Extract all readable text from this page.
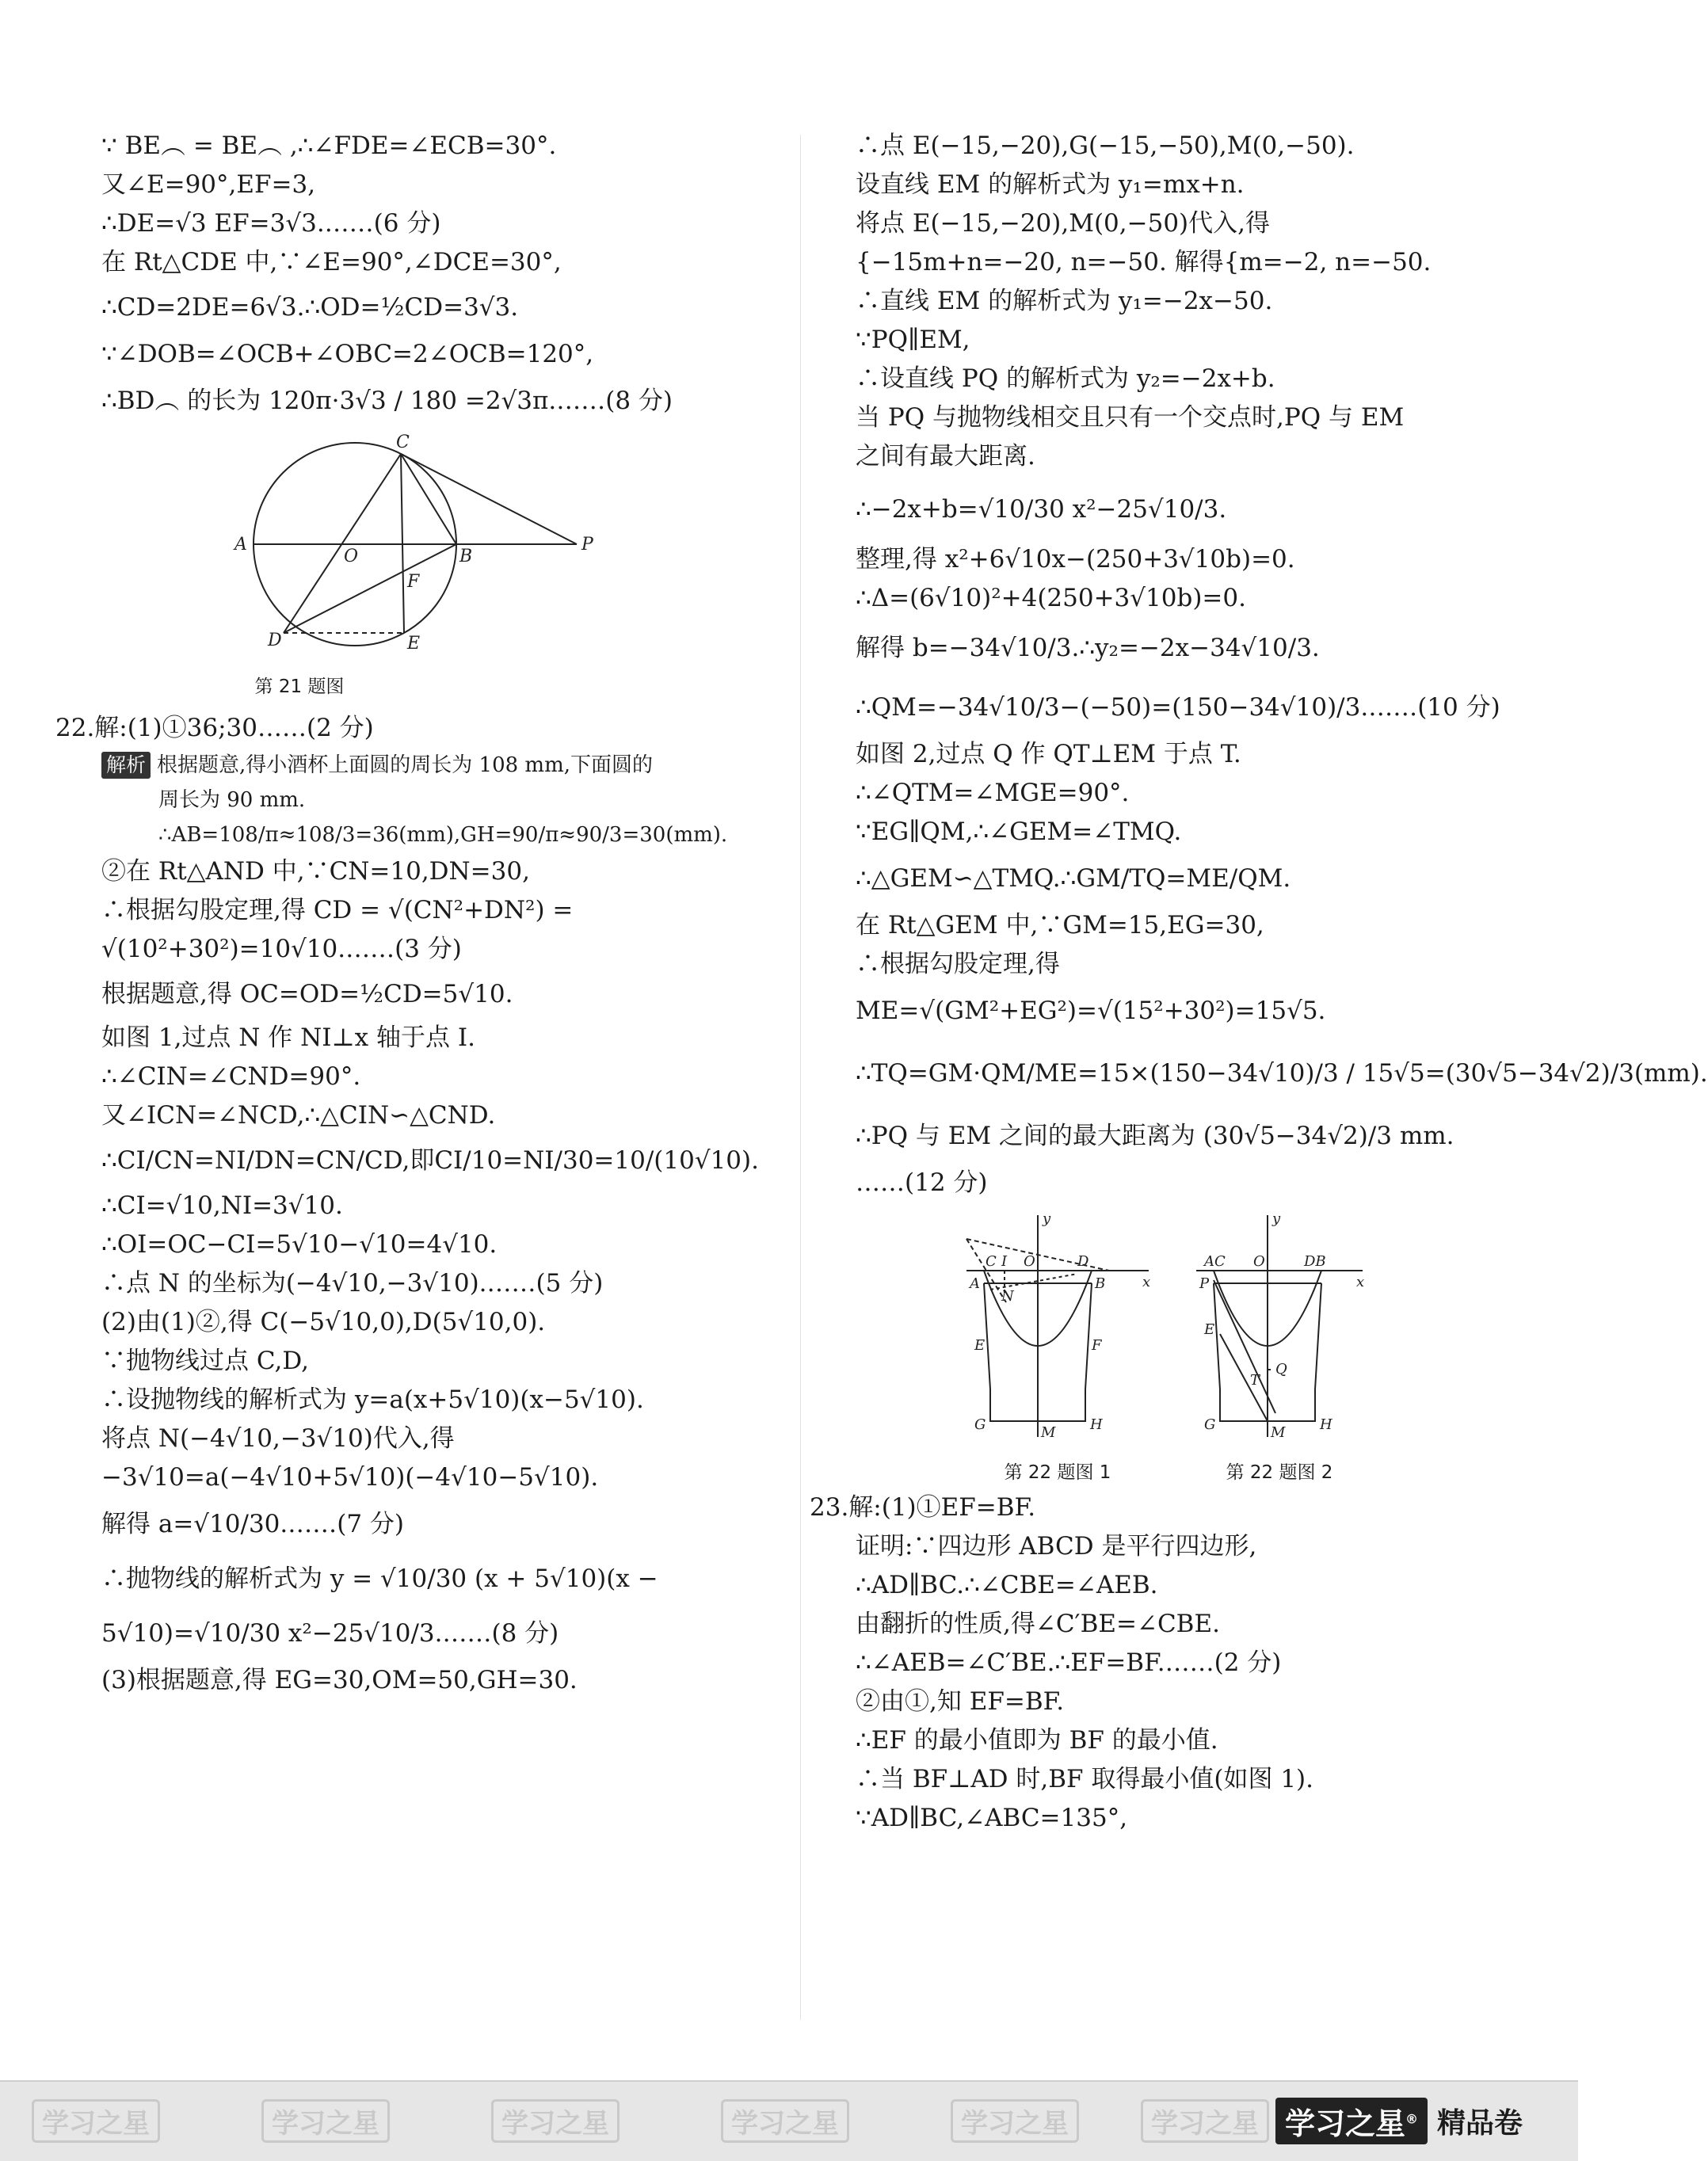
∵ BE︵ = BE︵ ,∴∠FDE=∠ECB=30°.
又∠E=90°,EF=3,
∴DE=√3 EF=3√3.……(6 分)
在 Rt△CDE 中,∵∠E=90°,∠DCE=30°,
∴CD=2DE=6√3.∴OD=½CD=3√3.
∵∠DOB=∠OCB+∠OBC=2∠OCB=120°,
∴BD︵ 的长为 120π·3√3 / 180 =2√3π.……(8 分)
A
O	B
P
C
F
D	E
第 21 题图
22.解:(1)①36;30……(2 分)
解析 根据题意,得小酒杯上面圆的周长为 108 mm,下面圆的
周长为 90 mm.
∴AB=108/π≈108/3=36(mm),GH=90/π≈90/3=30(mm).
②在 Rt△AND 中,∵CN=10,DN=30,
∴根据勾股定理,得 CD = √(CN²+DN²) =
√(10²+30²)=10√10.……(3 分)
根据题意,得 OC=OD=½CD=5√10.
如图 1,过点 N 作 NI⊥x 轴于点 I.
∴∠CIN=∠CND=90°.
又∠ICN=∠NCD,∴△CIN∽△CND.
∴CI/CN=NI/DN=CN/CD,即CI/10=NI/30=10/(10√10).
∴CI=√10,NI=3√10.
∴OI=OC−CI=5√10−√10=4√10.
∴点 N 的坐标为(−4√10,−3√10).……(5 分)
(2)由(1)②,得 C(−5√10,0),D(5√10,0).
∵抛物线过点 C,D,
∴设抛物线的解析式为 y=a(x+5√10)(x−5√10).
将点 N(−4√10,−3√10)代入,得
−3√10=a(−4√10+5√10)(−4√10−5√10).
解得 a=√10/30.……(7 分)
∴抛物线的解析式为 y = √10/30 (x + 5√10)(x −
5√10)=√10/30 x²−25√10/3.……(8 分)
(3)根据题意,得 EG=30,OM=50,GH=30.
∴点 E(−15,−20),G(−15,−50),M(0,−50).
设直线 EM 的解析式为 y₁=mx+n.
将点 E(−15,−20),M(0,−50)代入,得
{−15m+n=−20, n=−50. 解得{m=−2, n=−50.
∴直线 EM 的解析式为 y₁=−2x−50.
∵PQ∥EM,
∴设直线 PQ 的解析式为 y₂=−2x+b.
当 PQ 与抛物线相交且只有一个交点时,PQ 与 EM
之间有最大距离.
∴−2x+b=√10/30 x²−25√10/3.
整理,得 x²+6√10x−(250+3√10b)=0.
∴Δ=(6√10)²+4(250+3√10b)=0.
解得 b=−34√10/3.∴y₂=−2x−34√10/3.
∴QM=−34√10/3−(−50)=(150−34√10)/3.……(10 分)
如图 2,过点 Q 作 QT⊥EM 于点 T.
∴∠QTM=∠MGE=90°.
∵EG∥QM,∴∠GEM=∠TMQ.
∴△GEM∽△TMQ.∴GM/TQ=ME/QM.
在 Rt△GEM 中,∵GM=15,EG=30,
∴根据勾股定理,得
ME=√(GM²+EG²)=√(15²+30²)=15√5.
∴TQ=GM·QM/ME=15×(150−34√10)/3 / 15√5=(30√5−34√2)/3(mm).
∴PQ 与 EM 之间的最大距离为 (30√5−34√2)/3 mm.
……(12 分)
y
x
C I O	D
A
N
B
E	F
G	M H
第 22 题图 1
y
x
AC O	DB
P
E
T
Q
G	M H
第 22 题图 2
23.解:(1)①EF=BF.
证明:∵四边形 ABCD 是平行四边形,
∴AD∥BC.∴∠CBE=∠AEB.
由翻折的性质,得∠C′BE=∠CBE.
∴∠AEB=∠C′BE.∴EF=BF.……(2 分)
②由①,知 EF=BF.
∴EF 的最小值即为 BF 的最小值.
∴当 BF⊥AD 时,BF 取得最小值(如图 1).
∵AD∥BC,∠ABC=135°,
学习之星	学习之星	学习之星	学习之星	学习之星	学习之星 学习之星® 精品卷
